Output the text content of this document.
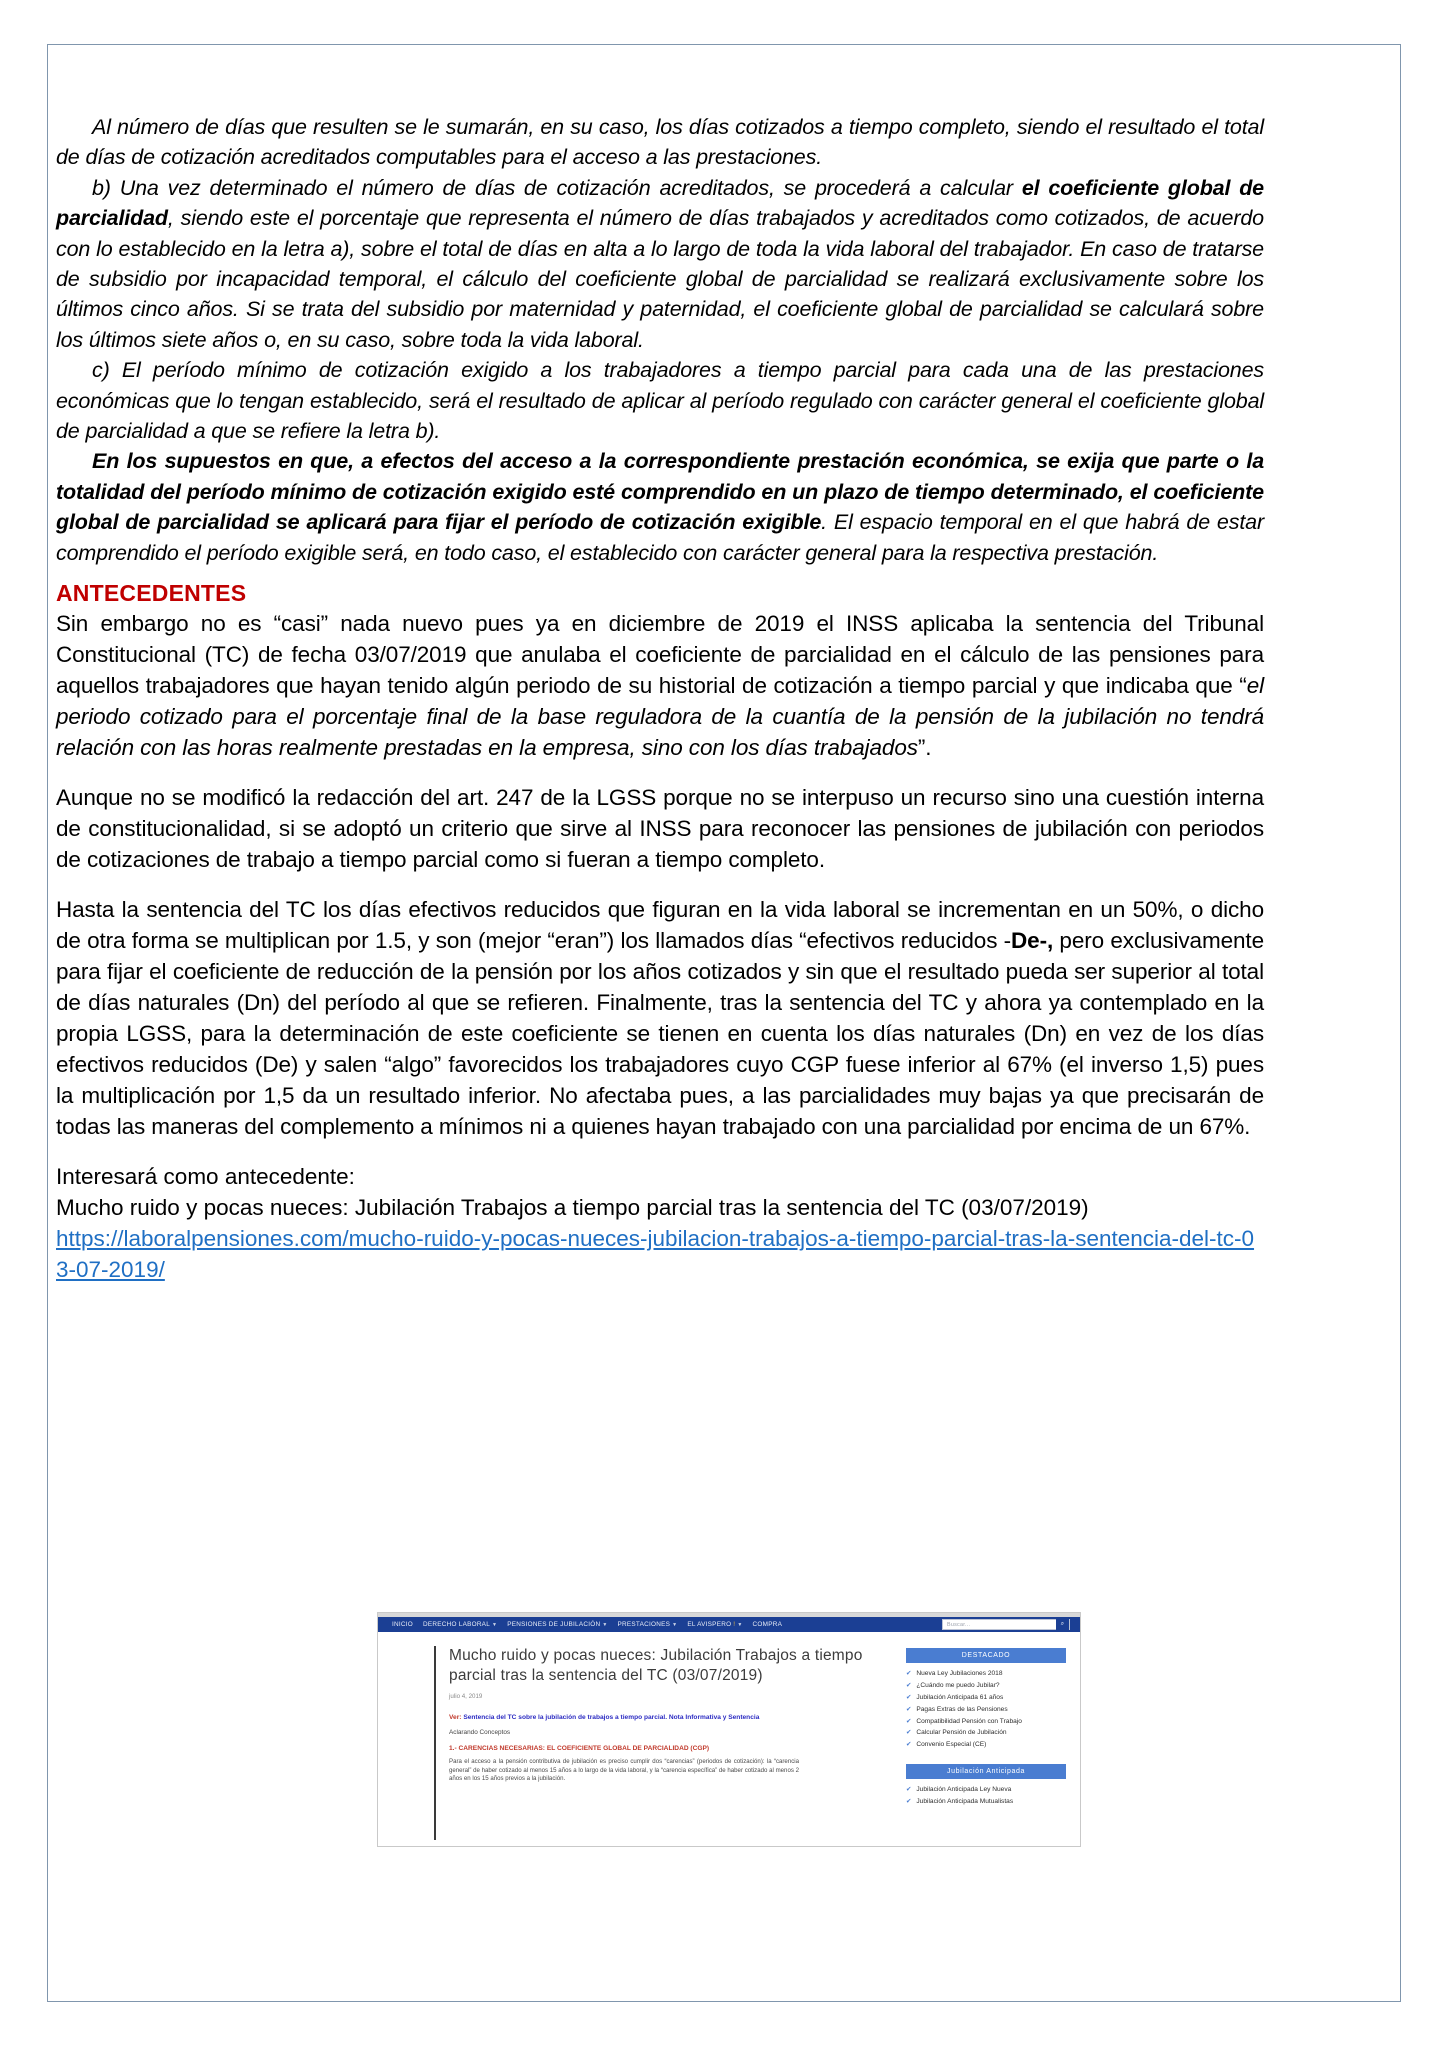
Al número de días que resulten se le sumarán, en su caso, los días cotizados a tiempo completo, siendo el resultado el total de días de cotización acreditados computables para el acceso a las prestaciones.

b) Una vez determinado el número de días de cotización acreditados, se procederá a calcular el coeficiente global de parcialidad, siendo este el porcentaje que representa el número de días trabajados y acreditados como cotizados, de acuerdo con lo establecido en la letra a), sobre el total de días en alta a lo largo de toda la vida laboral del trabajador. En caso de tratarse de subsidio por incapacidad temporal, el cálculo del coeficiente global de parcialidad se realizará exclusivamente sobre los últimos cinco años. Si se trata del subsidio por maternidad y paternidad, el coeficiente global de parcialidad se calculará sobre los últimos siete años o, en su caso, sobre toda la vida laboral.

c) El período mínimo de cotización exigido a los trabajadores a tiempo parcial para cada una de las prestaciones económicas que lo tengan establecido, será el resultado de aplicar al período regulado con carácter general el coeficiente global de parcialidad a que se refiere la letra b).

En los supuestos en que, a efectos del acceso a la correspondiente prestación económica, se exija que parte o la totalidad del período mínimo de cotización exigido esté comprendido en un plazo de tiempo determinado, el coeficiente global de parcialidad se aplicará para fijar el período de cotización exigible. El espacio temporal en el que habrá de estar comprendido el período exigible será, en todo caso, el establecido con carácter general para la respectiva prestación.

ANTECEDENTES

Sin embargo no es “casi” nada nuevo pues ya en diciembre de 2019 el INSS aplicaba la sentencia del Tribunal Constitucional (TC) de fecha 03/07/2019 que anulaba el coeficiente de parcialidad en el cálculo de las pensiones para aquellos trabajadores que hayan tenido algún periodo de su historial de cotización a tiempo parcial y que indicaba que “el periodo cotizado para el porcentaje final de la base reguladora de la cuantía de la pensión de la jubilación no tendrá relación con las horas realmente prestadas en la empresa, sino con los días trabajados”.

Aunque no se modificó la redacción del art. 247 de la LGSS porque no se interpuso un recurso sino una cuestión interna de constitucionalidad, si se adoptó un criterio que sirve al INSS para reconocer las pensiones de jubilación con periodos de cotizaciones de trabajo a tiempo parcial como si fueran a tiempo completo.

Hasta la sentencia del TC los días efectivos reducidos que figuran en la vida laboral se incrementan en un 50%, o dicho de otra forma se multiplican por 1.5, y son (mejor “eran”) los llamados días “efectivos reducidos -De-, pero exclusivamente para fijar el coeficiente de reducción de la pensión por los años cotizados y sin que el resultado pueda ser superior al total de días naturales (Dn) del período al que se refieren. Finalmente, tras la sentencia del TC y ahora ya contemplado en la propia LGSS, para la determinación de este coeficiente se tienen en cuenta los días naturales (Dn) en vez de los días efectivos reducidos (De) y salen “algo” favorecidos los trabajadores cuyo CGP fuese inferior al 67% (el inverso 1,5) pues la multiplicación por 1,5 da un resultado inferior. No afectaba pues, a las parcialidades muy bajas ya que precisarán de todas las maneras del complemento a mínimos ni a quienes hayan trabajado con una parcialidad por encima de un 67%.

Interesará como antecedente:

Mucho ruido y pocas nueces: Jubilación Trabajos a tiempo parcial tras la sentencia del TC (03/07/2019)

https://laboralpensiones.com/mucho-ruido-y-pocas-nueces-jubilacion-trabajos-a-tiempo-parcial-tras-la-sentencia-del-tc-03-07-2019/

INICIO DERECHO LABORAL ▼ PENSIONES DE JUBILACIÓN ▼ PRESTACIONES ▼ EL AVISPERO ! ▼ COMPRA	Buscar...	⌕
Mucho ruido y pocas nueces: Jubilación Trabajos a tiempo parcial tras la sentencia del TC (03/07/2019)
julio 4, 2019
Ver: Sentencia del TC sobre la jubilación de trabajos a tiempo parcial. Nota Informativa y Sentencia
Aclarando Conceptos
1.- CARENCIAS NECESARIAS: EL COEFICIENTE GLOBAL DE PARCIALIDAD (CGP)
Para el acceso a la pensión contributiva de jubilación es preciso cumplir dos “carencias” (periodos de cotización): la “carencia general” de haber cotizado al menos 15 años a lo largo de la vida laboral, y la “carencia específica” de haber cotizado al menos 2 años en los 15 años previos a la jubilación.
DESTACADO
✔ Nueva Ley Jubilaciones 2018
✔ ¿Cuándo me puedo Jubilar?
✔ Jubilación Anticipada 61 años
✔ Pagas Extras de las Pensiones
✔ Compatibilidad Pensión con Trabajo
✔ Calcular Pensión de Jubilación
✔ Convenio Especial (CE)
Jubilación Anticipada
✔ Jubilación Anticipada Ley Nueva
✔ Jubilación Anticipada Mutualistas
